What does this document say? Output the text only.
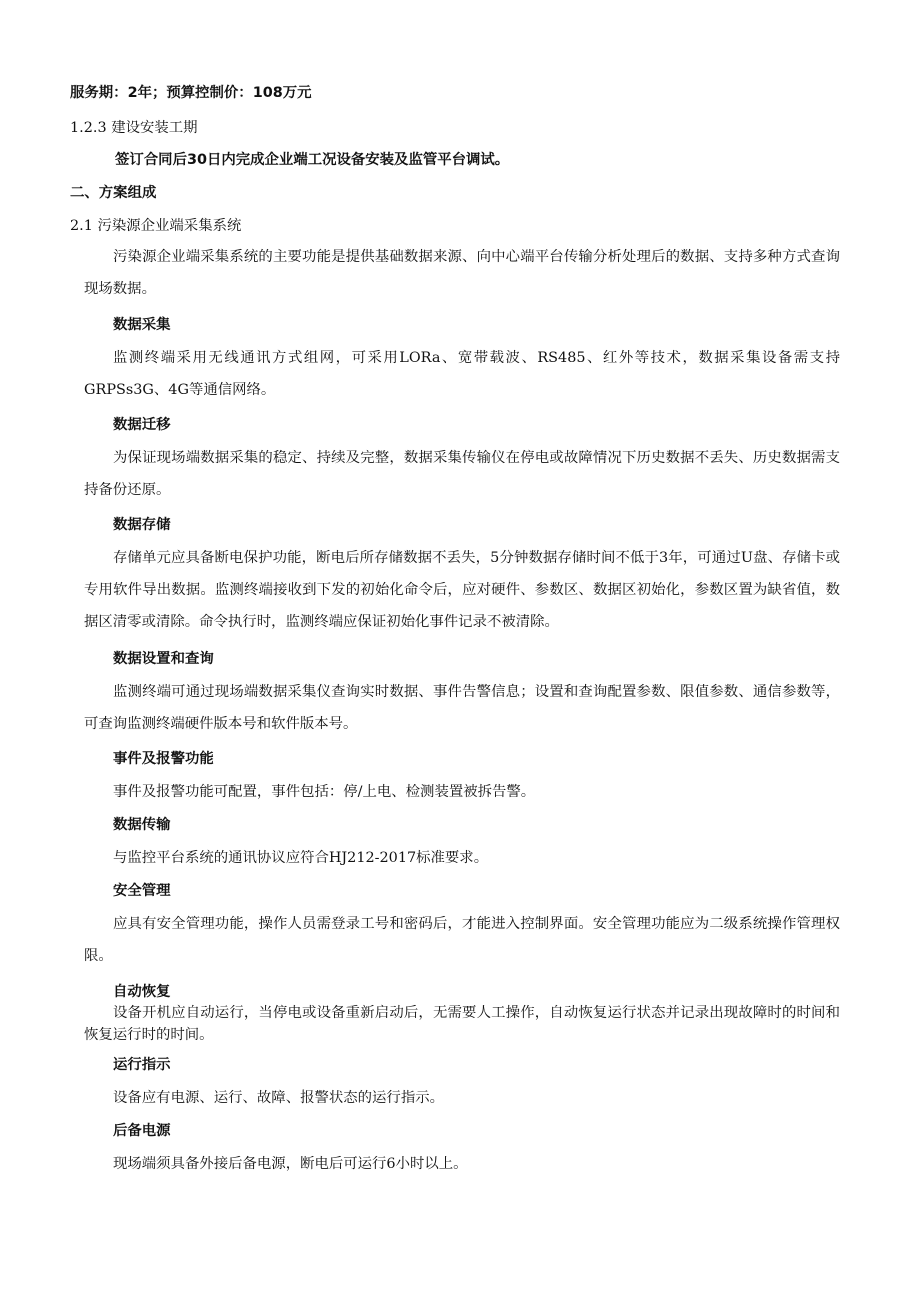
服务期：2年；预算控制价：108万元

1.2.3 建设安装工期

签订合同后30日内完成企业端工况设备安装及监管平台调试。

二、方案组成

2.1 污染源企业端采集系统

污染源企业端采集系统的主要功能是提供基础数据来源、向中心端平台传输分析处理后的数据、支持多种方式查询现场数据。

数据采集

监测终端采用无线通讯方式组网，可采用LORa、宽带载波、RS485、红外等技术，数据采集设备需支持GRPSs3G、4G等通信网络。

数据迁移

为保证现场端数据采集的稳定、持续及完整，数据采集传输仪在停电或故障情况下历史数据不丢失、历史数据需支持备份还原。

数据存储

存储单元应具备断电保护功能，断电后所存储数据不丢失，5分钟数据存储时间不低于3年，可通过U盘、存储卡或专用软件导出数据。监测终端接收到下发的初始化命令后，应对硬件、参数区、数据区初始化，参数区置为缺省值，数据区清零或清除。命令执行时，监测终端应保证初始化事件记录不被清除。

数据设置和查询

监测终端可通过现场端数据采集仪查询实时数据、事件告警信息；设置和查询配置参数、限值参数、通信参数等，可查询监测终端硬件版本号和软件版本号。

事件及报警功能

事件及报警功能可配置，事件包括：停/上电、检测装置被拆告警。

数据传输

与监控平台系统的通讯协议应符合HJ212-2017标准要求。

安全管理

应具有安全管理功能，操作人员需登录工号和密码后，才能进入控制界面。安全管理功能应为二级系统操作管理权限。

自动恢复

设备开机应自动运行，当停电或设备重新启动后，无需要人工操作，自动恢复运行状态并记录出现故障时的时间和恢复运行时的时间。

运行指示

设备应有电源、运行、故障、报警状态的运行指示。

后备电源

现场端须具备外接后备电源，断电后可运行6小时以上。
